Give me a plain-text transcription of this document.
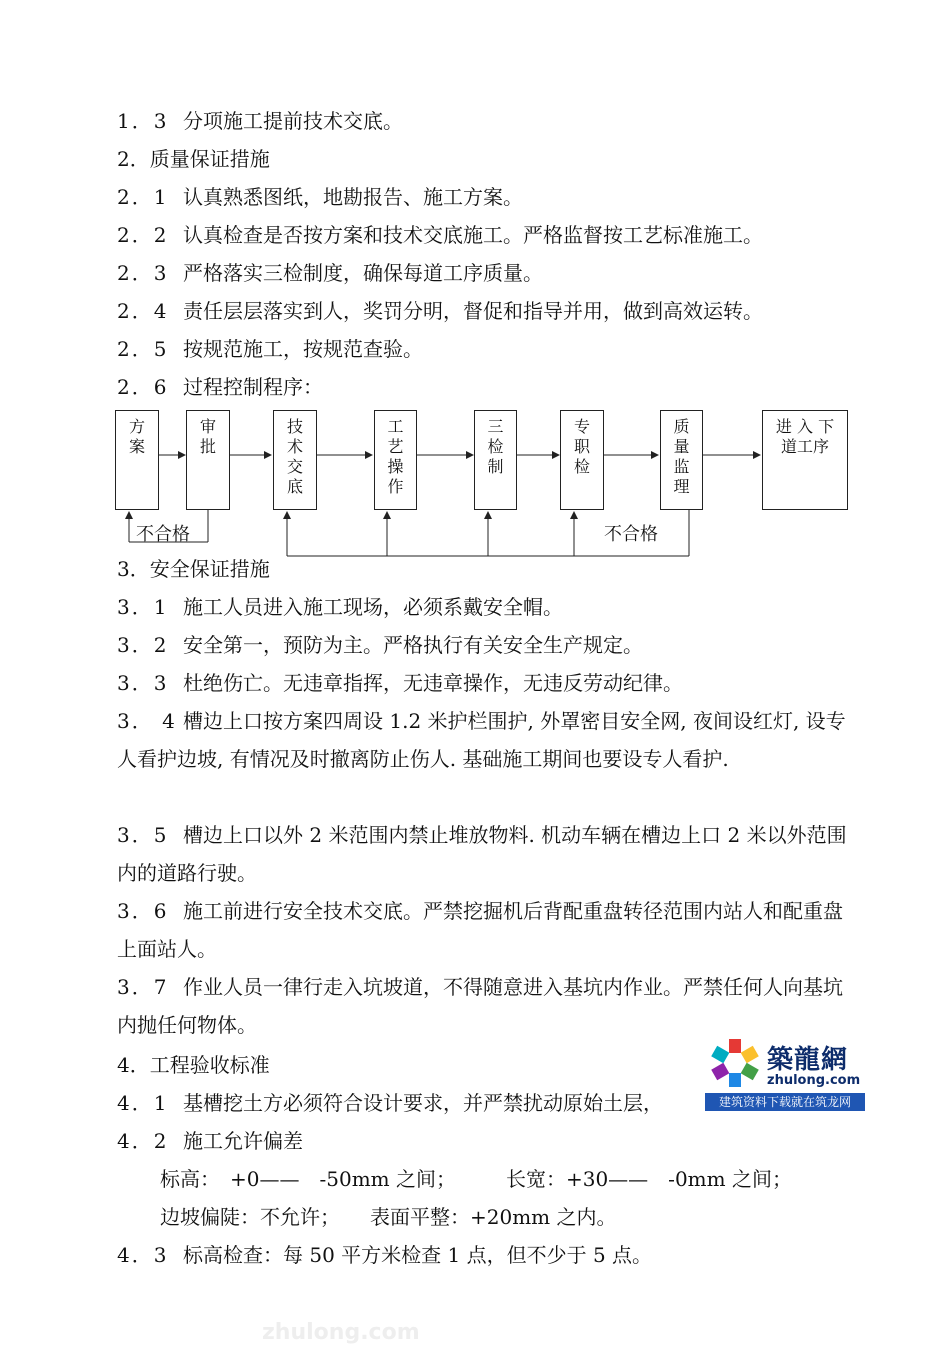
1．3 分项施工提前技术交底。
2．质量保证措施
2．1 认真熟悉图纸，地勘报告、施工方案。
2．2 认真检查是否按方案和技术交底施工。严格监督按工艺标准施工。
2．3 严格落实三检制度，确保每道工序质量。
2．4 责任层层落实到人，奖罚分明，督促和指导并用，做到高效运转。
2．5 按规范施工，按规范查验。
2．6 过程控制程序：
方
案
审
批
技
术
交
底
工
艺
操
作
三
检
制
专
职
检
质
量
监
理
进 入 下
道工序
不合格	不合格
3．安全保证措施
3．1 施工人员进入施工现场，必须系戴安全帽。
3．2 安全第一，预防为主。严格执行有关安全生产规定。
3．3 杜绝伤亡。无违章指挥，无违章操作，无违反劳动纪律。
3． 4 槽边上口按方案四周设 1.2 米护栏围护, 外罩密目安全网, 夜间设红灯, 设专人看护边坡, 有情况及时撤离防止伤人. 基础施工期间也要设专人看护.
3．5 槽边上口以外 2 米范围内禁止堆放物料. 机动车辆在槽边上口 2 米以外范围内的道路行驶。
3．6 施工前进行安全技术交底。严禁挖掘机后背配重盘转径范围内站人和配重盘上面站人。
3．7 作业人员一律行走入坑坡道，不得随意进入基坑内作业。严禁任何人向基坑内抛任何物体。
4．工程验收标准
4．1 基槽挖土方必须符合设计要求，并严禁扰动原始土层，
4．2 施工允许偏差
标高：　+0——　-50mm 之间；　　　长宽：+30——　-0mm 之间；
边坡偏陡：不允许；　　表面平整：+20mm 之内。
4．3 标高检查：每 50 平方米检查 1 点，但不少于 5 点。
築龍網
zhulong.com
建筑资料下载就在筑龙网
zhulong.com
